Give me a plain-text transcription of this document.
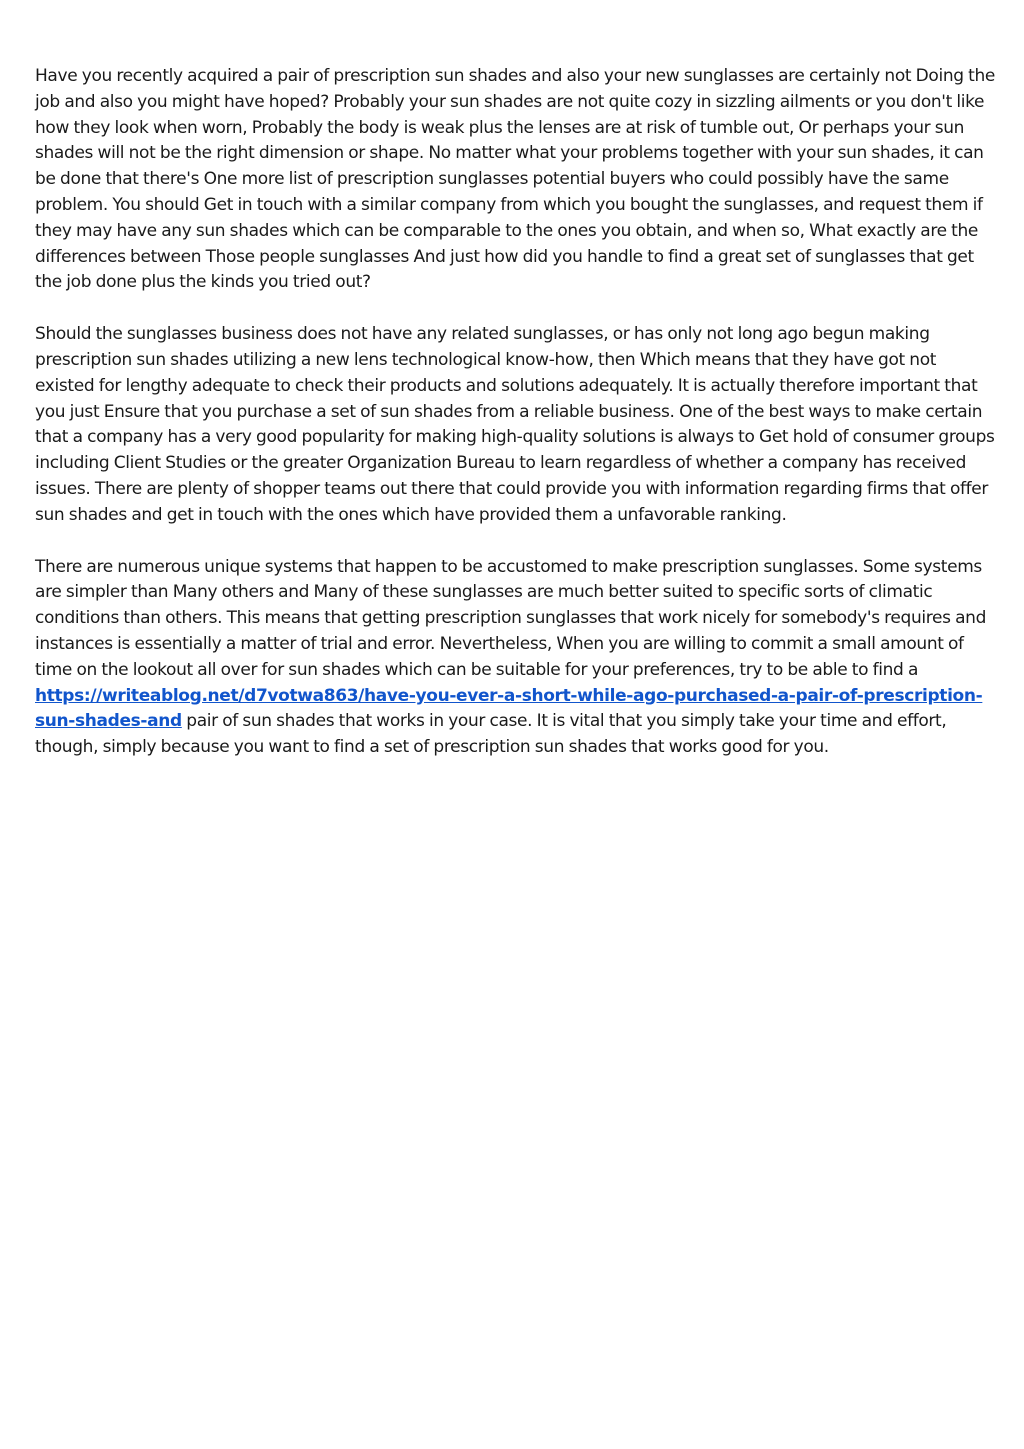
Have you recently acquired a pair of prescription sun shades and also your new sunglasses are certainly not Doing the job and also you might have hoped? Probably your sun shades are not quite cozy in sizzling ailments or you don't like how they look when worn, Probably the body is weak plus the lenses are at risk of tumble out, Or perhaps your sun shades will not be the right dimension or shape. No matter what your problems together with your sun shades, it can be done that there's One more list of prescription sunglasses potential buyers who could possibly have the same problem. You should Get in touch with a similar company from which you bought the sunglasses, and request them if they may have any sun shades which can be comparable to the ones you obtain, and when so, What exactly are the differences between Those people sunglasses And just how did you handle to find a great set of sunglasses that get the job done plus the kinds you tried out?

Should the sunglasses business does not have any related sunglasses, or has only not long ago begun making prescription sun shades utilizing a new lens technological know-how, then Which means that they have got not existed for lengthy adequate to check their products and solutions adequately. It is actually therefore important that you just Ensure that you purchase a set of sun shades from a reliable business. One of the best ways to make certain that a company has a very good popularity for making high-quality solutions is always to Get hold of consumer groups including Client Studies or the greater Organization Bureau to learn regardless of whether a company has received issues. There are plenty of shopper teams out there that could provide you with information regarding firms that offer sun shades and get in touch with the ones which have provided them a unfavorable ranking.

There are numerous unique systems that happen to be accustomed to make prescription sunglasses. Some systems are simpler than Many others and Many of these sunglasses are much better suited to specific sorts of climatic conditions than others. This means that getting prescription sunglasses that work nicely for somebody's requires and instances is essentially a matter of trial and error. Nevertheless, When you are willing to commit a small amount of time on the lookout all over for sun shades which can be suitable for your preferences, try to be able to find a https://writeablog.net/d7votwa863/have-you-ever-a-short-while-ago-purchased-a-pair-of-prescription-sun-shades-and pair of sun shades that works in your case. It is vital that you simply take your time and effort, though, simply because you want to find a set of prescription sun shades that works good for you.
